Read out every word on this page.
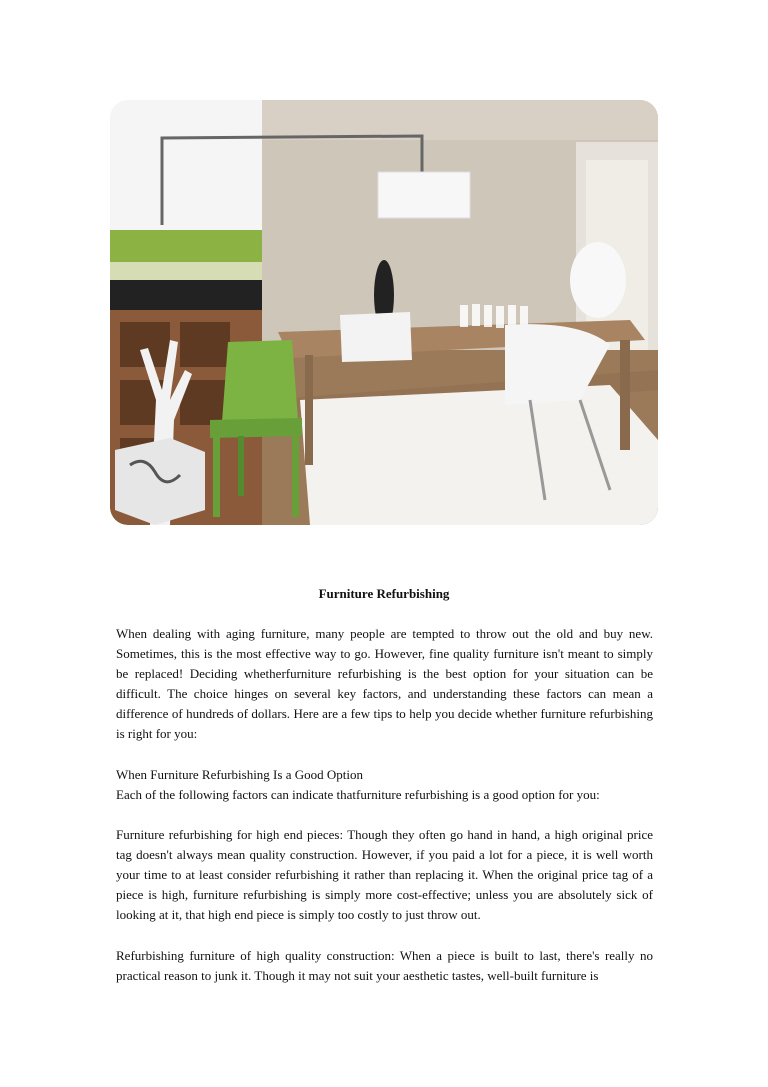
Furniture Refurbishing

When dealing with aging furniture, many people are tempted to throw out the old and buy new. Sometimes, this is the most effective way to go. However, fine quality furniture isn't meant to simply be replaced! Deciding whetherfurniture refurbishing is the best option for your situation can be difficult. The choice hinges on several key factors, and understanding these factors can mean a difference of hundreds of dollars. Here are a few tips to help you decide whether furniture refurbishing is right for you:

When Furniture Refurbishing Is a Good Option
Each of the following factors can indicate thatfurniture refurbishing is a good option for you:

Furniture refurbishing for high end pieces: Though they often go hand in hand, a high original price tag doesn't always mean quality construction. However, if you paid a lot for a piece, it is well worth your time to at least consider refurbishing it rather than replacing it. When the original price tag of a piece is high, furniture refurbishing is simply more cost-effective; unless you are absolutely sick of looking at it, that high end piece is simply too costly to just throw out.

Refurbishing furniture of high quality construction: When a piece is built to last, there's really no practical reason to junk it. Though it may not suit your aesthetic tastes, well-built furniture is
